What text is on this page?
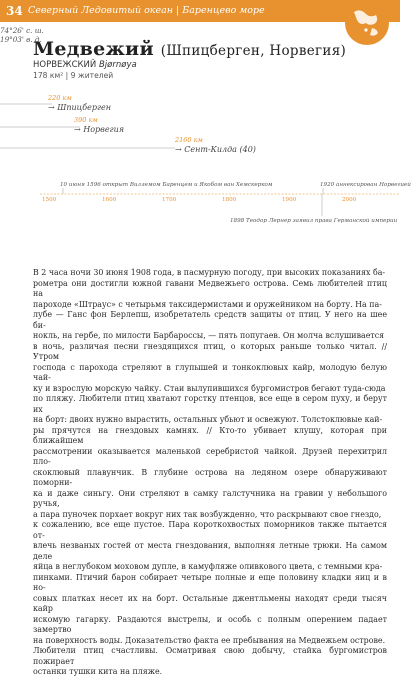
34 Северный Ледовитый океан | Баренцево море
74°26' с. ш.
19°03' в. д.
Медвежий (Шпицберген, Норвегия)
НОРВЕЖСКИЙ Bjørnøya
178 км² | 9 жителей
220 км
→ Шпицберген
390 км
→ Норвегия
2160 км
→ Сент-Килда (40)
10 июня 1596 открыт Виллемом Баренцем и Якобом ван Хемскерком	1920 аннексирован Норвегией
1500	1600	1700	1800	1900	2000
1898 Теодор Лернер заявил права Германской империи
В 2 часа ночи 30 июня 1908 года, в пасмурную погоду, при высоких показаниях ба-
рометра они достигли южной гавани Медвежьего острова. Семь любителей птиц на
пароходе «Штраус» с четырьмя таксидермистами и оружейником на борту. На па-
лубе — Ганс фон Берлепш, изобретатель средств защиты от птиц. У него на шее би-
нокль, на гербе, по милости Барбароссы, — пять попугаев. Он молча вслушивается
в ночь, различая песни гнездящихся птиц, о которых раньше только читал. // Утром
господа с парохода стреляют в глупышей и тонкоклювых кайр, молодую белую чай-
ку и взрослую морскую чайку. Стаи вылупившихся бургомистров бегают туда-сюда
по пляжу. Любители птиц хватают горстку птенцов, все еще в сером пуху, и берут их
на борт: двоих нужно вырастить, остальных убьют и освежуют. Толстоклювые кай-
ры прячутся на гнездовых камнях. // Кто-то убивает клушу, которая при ближайшем
рассмотрении оказывается маленькой серебристой чайкой. Друзей перехитрил пло-
скоклювый плавунчик. В глубине острова на ледяном озере обнаруживают поморни-
ка и даже синьгу. Они стреляют в самку галстучника на гравии у небольшого ручья,
а пара пуночек порхает вокруг них так возбужденно, что раскрывают свое гнездо,
к сожалению, все еще пустое. Пара короткохвостых поморников также пытается от-
влечь незваных гостей от места гнездования, выполняя летные трюки. На самом деле
яйца в неглубоком моховом дупле, в камуфляже оливкового цвета, с темными кра-
пинками. Птичий барон собирает четыре полные и еще половину кладки яиц и в но-
совых платках несет их на борт. Остальные джентльмены находят среди тысяч кайр
искомую гагарку. Раздаются выстрелы, и особь с полным оперением падает замертво
на поверхность воды. Доказательство факта ее пребывания на Медвежьем острове.
Любители птиц счастливы. Осматривая свою добычу, стайка бургомистров пожирает
останки тушки кита на пляже.
